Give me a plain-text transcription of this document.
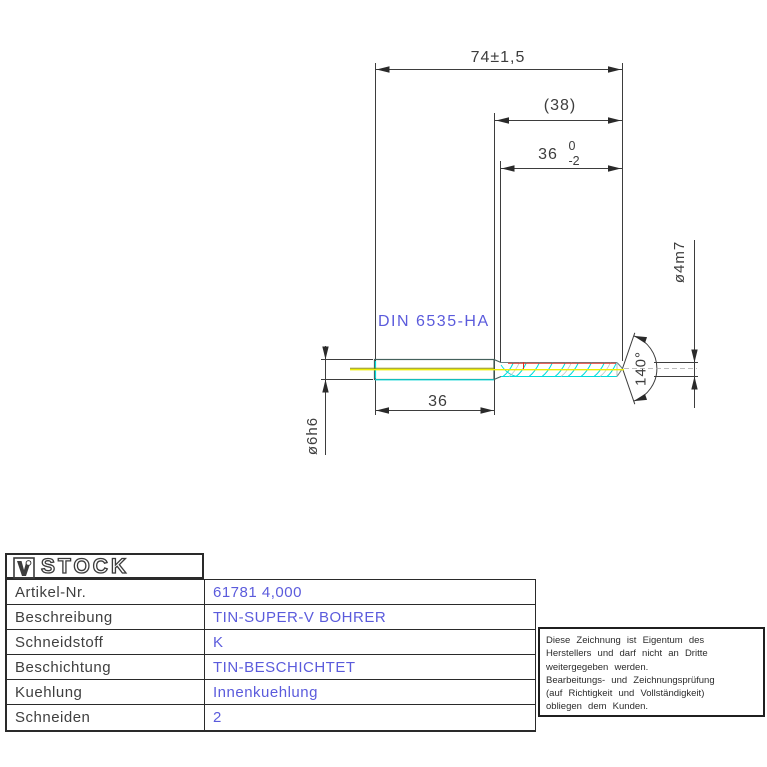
74±1,5
(38)
36 0
-2
36
ø6h6
ø4m7
140°
DIN 6535-HA
STOCK
Artikel-Nr.	61781 4,000
Beschreibung	TIN-SUPER-V BOHRER
Schneidstoff	K
Beschichtung	TIN-BESCHICHTET
Kuehlung	Innenkuehlung
Schneiden	2
Diese Zeichnung ist Eigentum des
Herstellers und darf nicht an Dritte
weitergegeben werden.
Bearbeitungs- und Zeichnungsprüfung
(auf Richtigkeit und Vollständigkeit)
obliegen dem Kunden.
